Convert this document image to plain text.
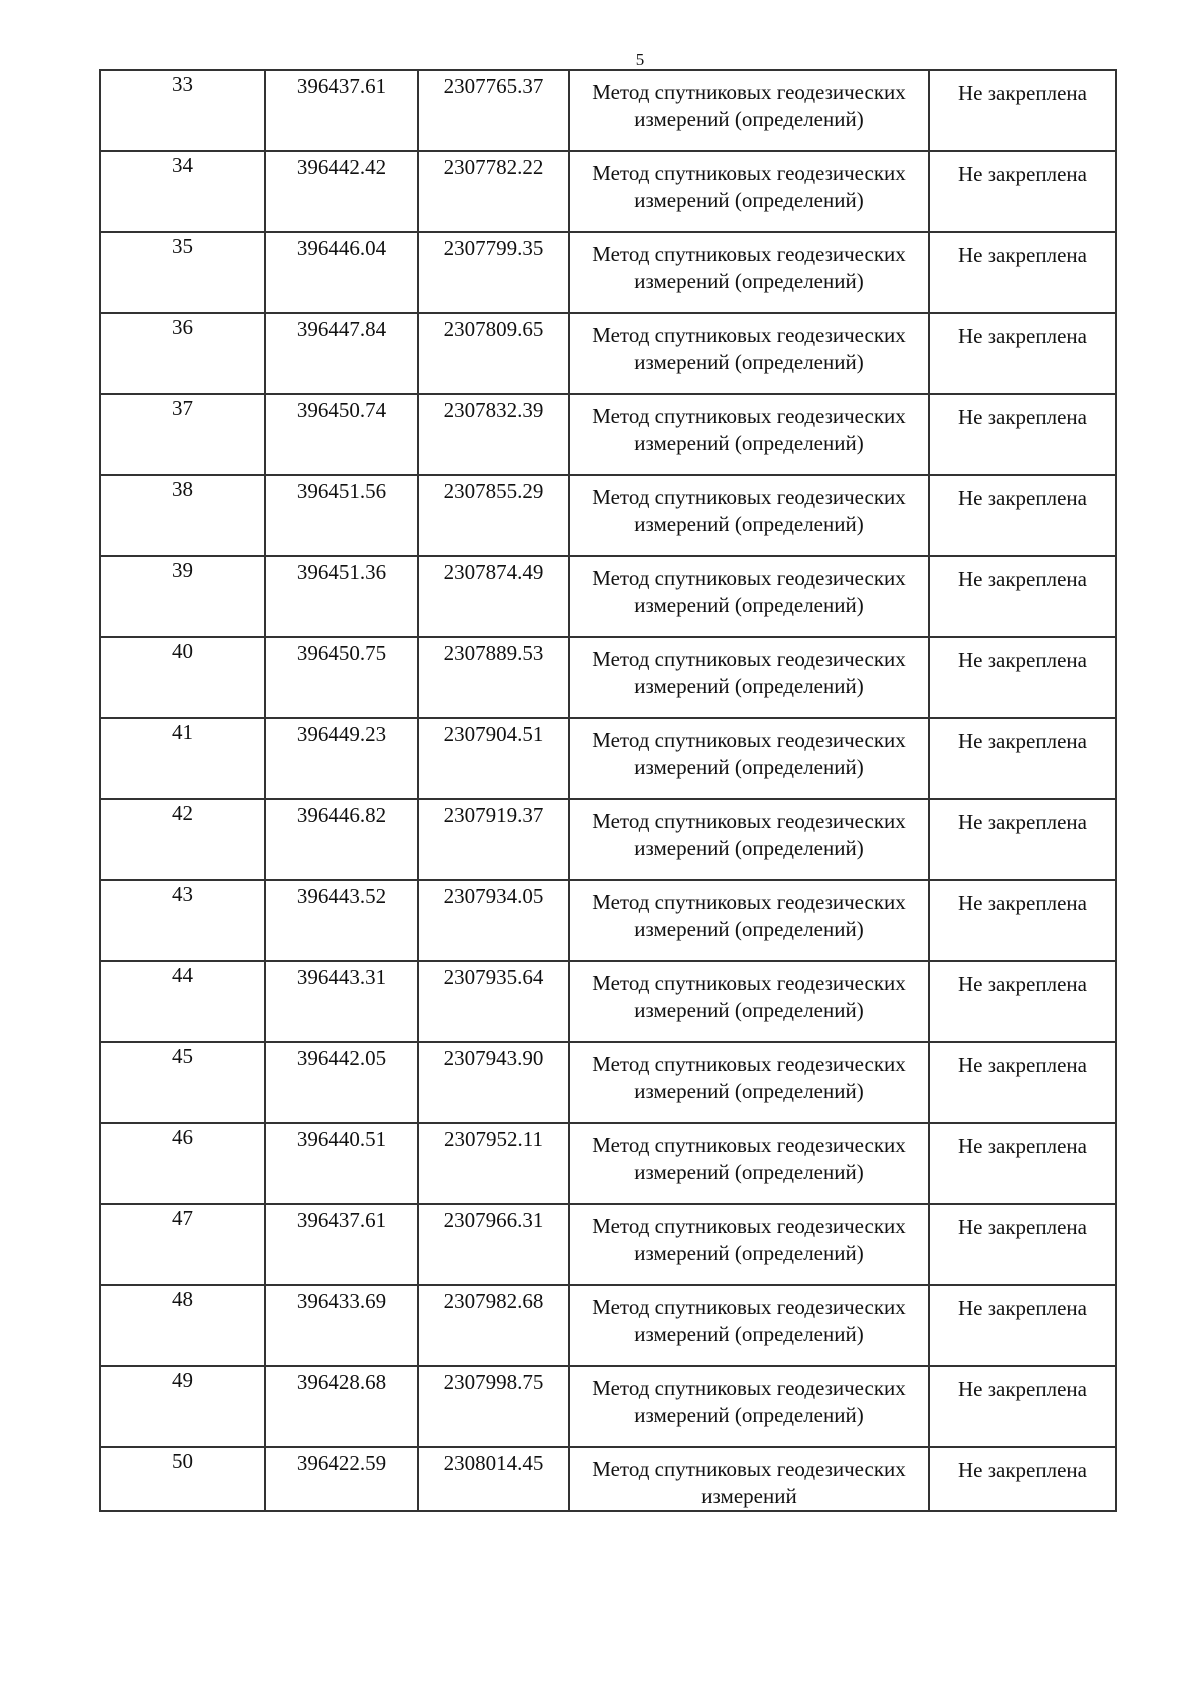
5
33	396437.61	2307765.37	Метод спутниковых геодезических измерений (определений)	Не закреплена

34	396442.42	2307782.22	Метод спутниковых геодезических измерений (определений)	Не закреплена

35	396446.04	2307799.35	Метод спутниковых геодезических измерений (определений)	Не закреплена

36	396447.84	2307809.65	Метод спутниковых геодезических измерений (определений)	Не закреплена

37	396450.74	2307832.39	Метод спутниковых геодезических измерений (определений)	Не закреплена

38	396451.56	2307855.29	Метод спутниковых геодезических измерений (определений)	Не закреплена

39	396451.36	2307874.49	Метод спутниковых геодезических измерений (определений)	Не закреплена

40	396450.75	2307889.53	Метод спутниковых геодезических измерений (определений)	Не закреплена

41	396449.23	2307904.51	Метод спутниковых геодезических измерений (определений)	Не закреплена

42	396446.82	2307919.37	Метод спутниковых геодезических измерений (определений)	Не закреплена

43	396443.52	2307934.05	Метод спутниковых геодезических измерений (определений)	Не закреплена

44	396443.31	2307935.64	Метод спутниковых геодезических измерений (определений)	Не закреплена

45	396442.05	2307943.90	Метод спутниковых геодезических измерений (определений)	Не закреплена

46	396440.51	2307952.11	Метод спутниковых геодезических измерений (определений)	Не закреплена

47	396437.61	2307966.31	Метод спутниковых геодезических измерений (определений)	Не закреплена

48	396433.69	2307982.68	Метод спутниковых геодезических измерений (определений)	Не закреплена

49	396428.68	2307998.75	Метод спутниковых геодезических измерений (определений)	Не закреплена

50	396422.59	2308014.45	Метод спутниковых геодезических измерений	Не закреплена
